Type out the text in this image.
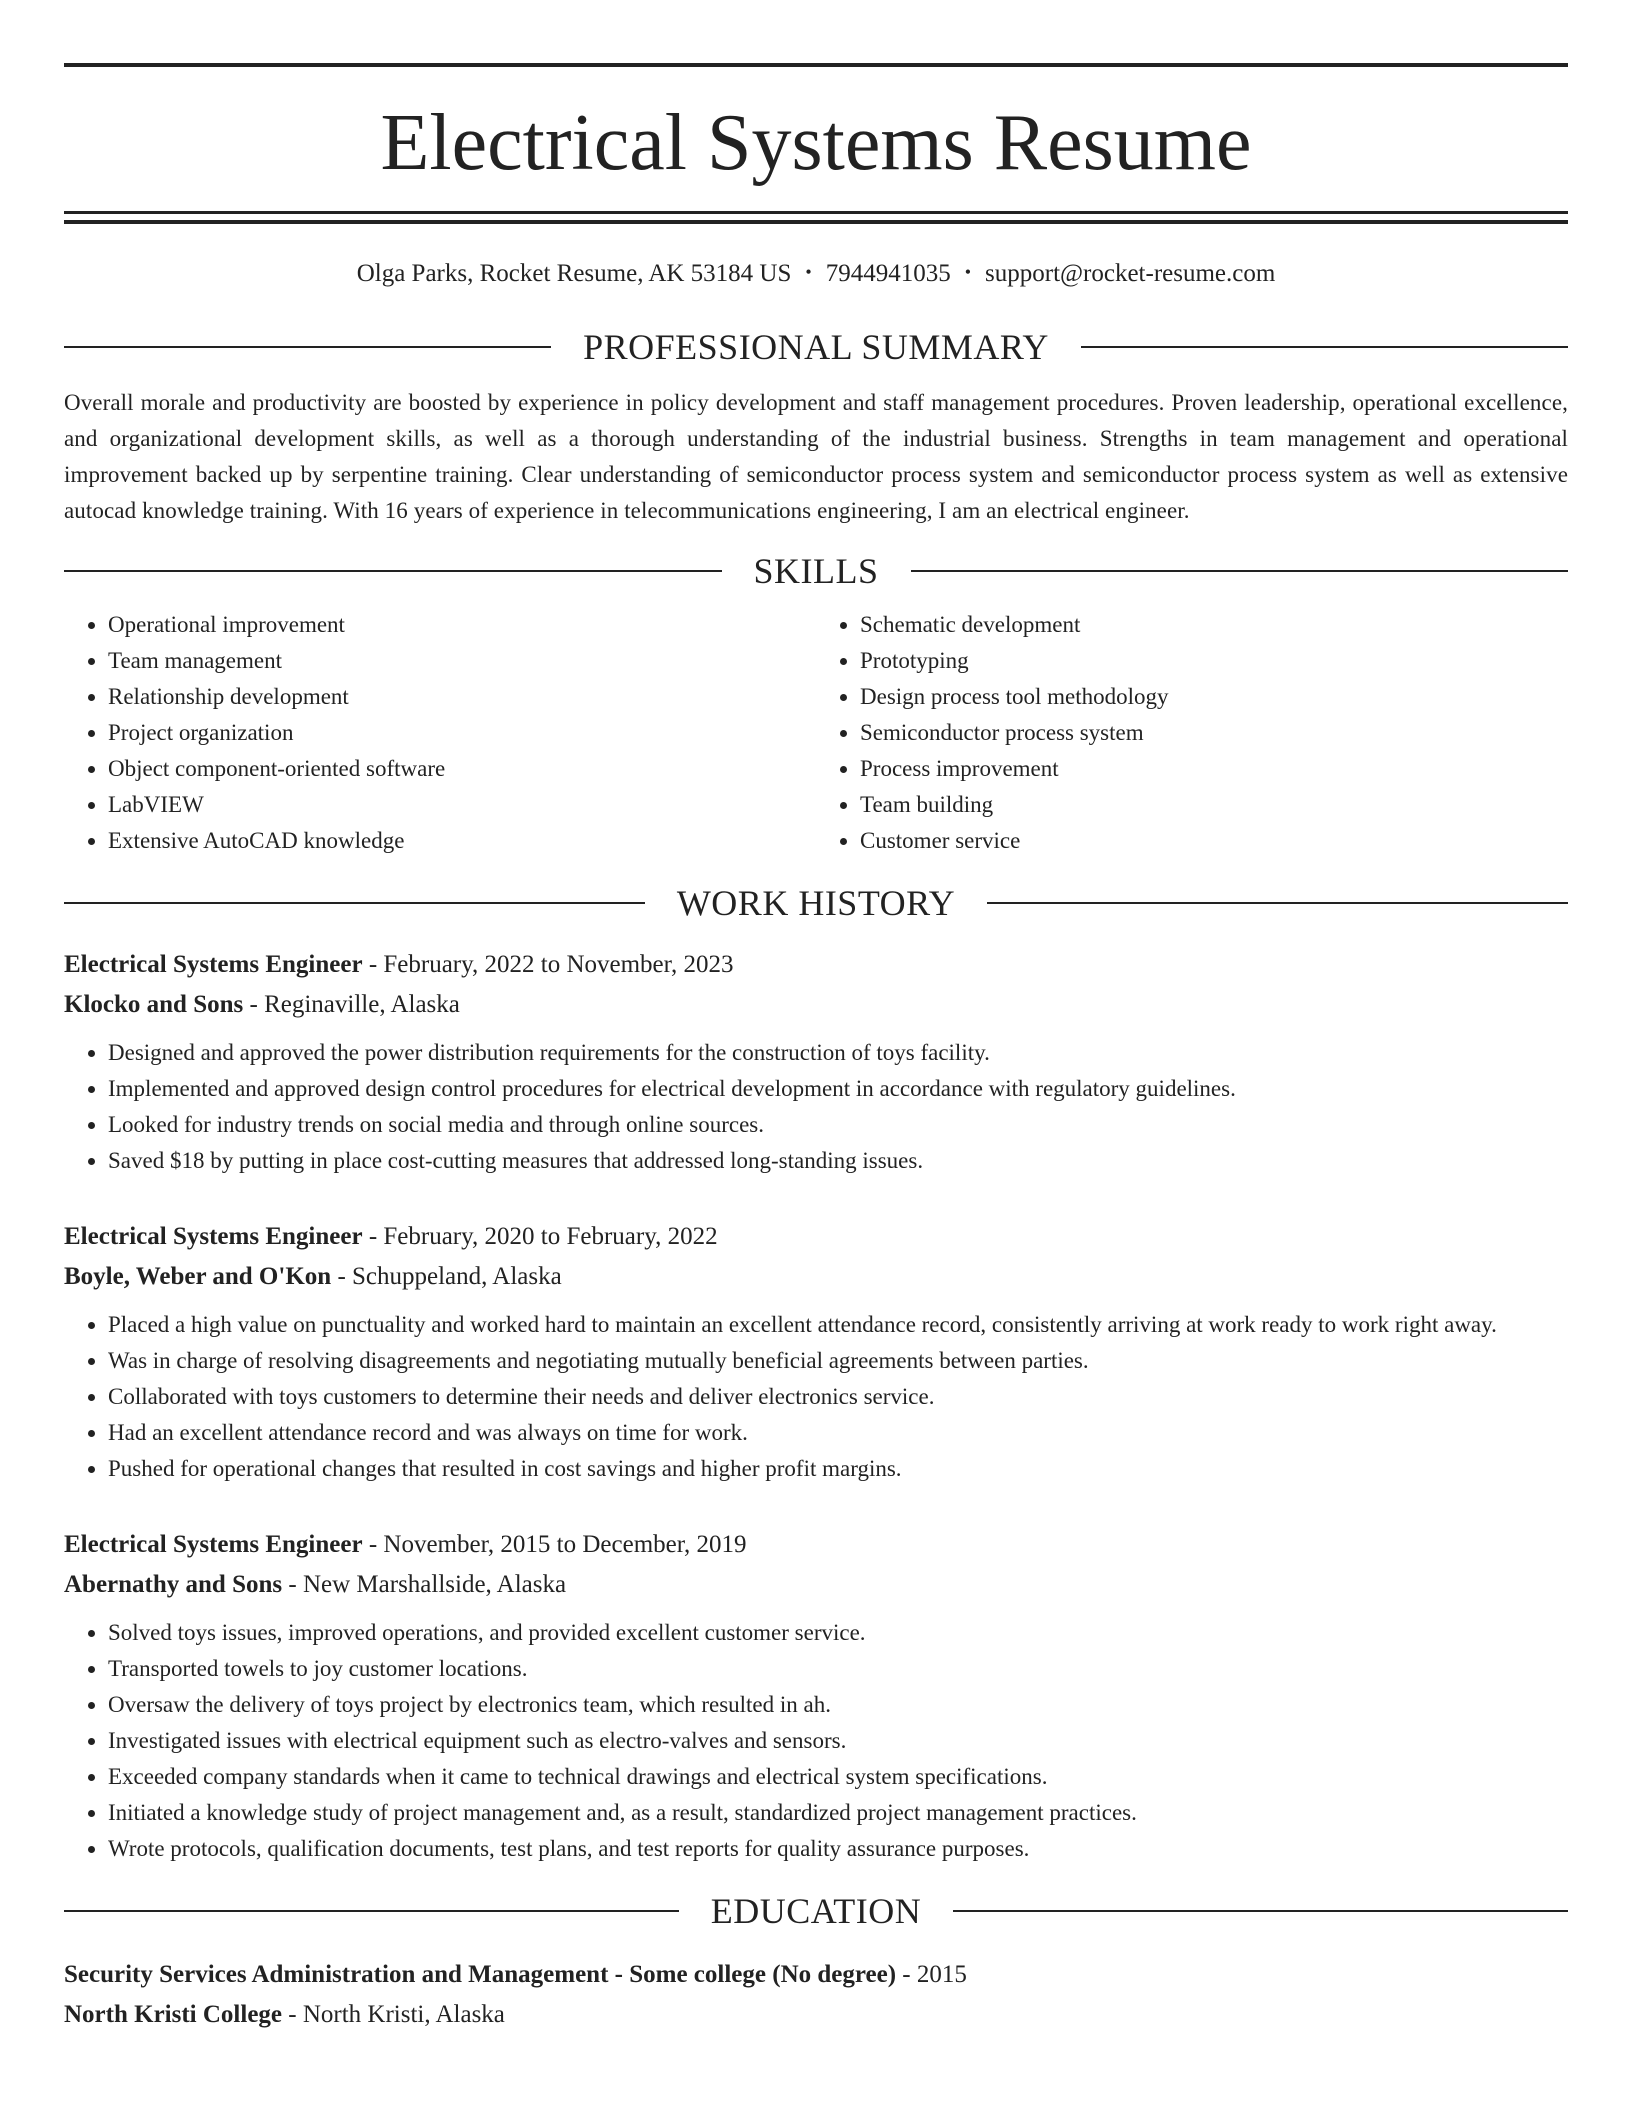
Electrical Systems Resume
Olga Parks, Rocket Resume, AK 53184 US • 7944941035 • support@rocket-resume.com
PROFESSIONAL SUMMARY
Overall morale and productivity are boosted by experience in policy development and staff management procedures. Proven leadership, operational excellence, and organizational development skills, as well as a thorough understanding of the industrial business. Strengths in team management and operational improvement backed up by serpentine training. Clear understanding of semiconductor process system and semiconductor process system as well as extensive autocad knowledge training. With 16 years of experience in telecommunications engineering, I am an electrical engineer.
SKILLS
• Operational improvement
• Team management
• Relationship development
• Project organization
• Object component-oriented software
• LabVIEW
• Extensive AutoCAD knowledge
• Schematic development
• Prototyping
• Design process tool methodology
• Semiconductor process system
• Process improvement
• Team building
• Customer service
WORK HISTORY
Electrical Systems Engineer - February, 2022 to November, 2023
Klocko and Sons - Reginaville, Alaska
• Designed and approved the power distribution requirements for the construction of toys facility.
• Implemented and approved design control procedures for electrical development in accordance with regulatory guidelines.
• Looked for industry trends on social media and through online sources.
• Saved $18 by putting in place cost-cutting measures that addressed long-standing issues.
Electrical Systems Engineer - February, 2020 to February, 2022
Boyle, Weber and O'Kon - Schuppeland, Alaska
• Placed a high value on punctuality and worked hard to maintain an excellent attendance record, consistently arriving at work ready to work right away.
• Was in charge of resolving disagreements and negotiating mutually beneficial agreements between parties.
• Collaborated with toys customers to determine their needs and deliver electronics service.
• Had an excellent attendance record and was always on time for work.
• Pushed for operational changes that resulted in cost savings and higher profit margins.
Electrical Systems Engineer - November, 2015 to December, 2019
Abernathy and Sons - New Marshallside, Alaska
• Solved toys issues, improved operations, and provided excellent customer service.
• Transported towels to joy customer locations.
• Oversaw the delivery of toys project by electronics team, which resulted in ah.
• Investigated issues with electrical equipment such as electro-valves and sensors.
• Exceeded company standards when it came to technical drawings and electrical system specifications.
• Initiated a knowledge study of project management and, as a result, standardized project management practices.
• Wrote protocols, qualification documents, test plans, and test reports for quality assurance purposes.
EDUCATION
Security Services Administration and Management - Some college (No degree) - 2015
North Kristi College - North Kristi, Alaska
